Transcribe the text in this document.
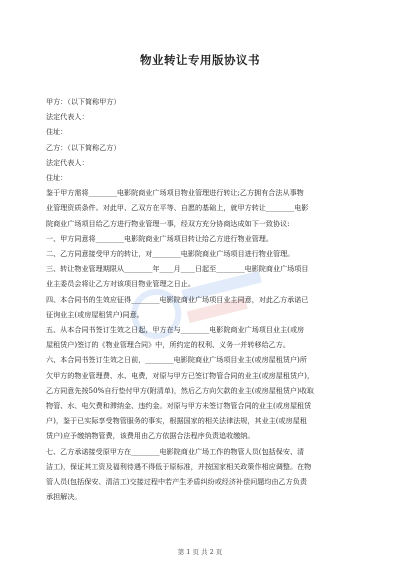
物业转让专用版协议书

甲方：（以下简称甲方）

法定代表人：

住址：

乙方：（以下简称乙方）

法定代表人：

住址：

鉴于甲方需将________电影院商业广场项目物业管理进行转让;乙方拥有合法从事物

业管理资质条件。对此甲、乙双方在平等、自愿的基础上，就甲方转让________电影

院商业广场项目给乙方进行物业管理一事，经双方充分协商达成如下一致协议:

一、甲方同意将________电影院商业广场项目转让给乙方进行物业管理。

二、乙方同意接受甲方的转让，对________电影院商业广场项目进行物业管理。

三、转让物业管理期限从________年____月____日起至________电影院商业广场项目

业主委员会将让乙方对该项目物业管理之日止。

四、本合同书的生效应征得________电影院商业广场项目业主同意，对此乙方承诺已

征询业主(或房屋租赁户)同意。

五、从本合同书签订生效之日起，甲方在与________电影院商业广场项目业主(或房

屋租赁户)签订的《物业管理合同》中，所约定的权利、义务一并转移给乙方。

六、本合同书签订生效之日前，________电影院商业广场项目业主(或房屋租赁户)所

欠甲方的物业管理费、水、电费，对原与甲方已签订物管合同的业主(或房屋租赁户)，

乙方同意先按50%自行垫付甲方(附清单)，然后乙方向欠款的业主(或房屋租赁户)收取

物管、水、电欠费和滞纳金、违约金。对原与甲方未签订物管合同的业主(或房屋租赁

户)，鉴于已实际享受物管服务的事实，根据国家的相关法律法规，其业主(或房屋租

赁户)应予缴纳物管费，该费用由乙方依据合法程序负责追收缴纳。

七、乙方承诺接受原甲方在________电影院商业广场工作的物管人员(包括保安、清

洁工)，保证其工资及福利待遇不得低于原标准，并按国家相关政策作相应调整。在物

管人员(包括保安、清洁工)交接过程中若产生矛盾纠纷或经济补偿问题均由乙方负责

承担解决。

第 1 页 共 2 页
